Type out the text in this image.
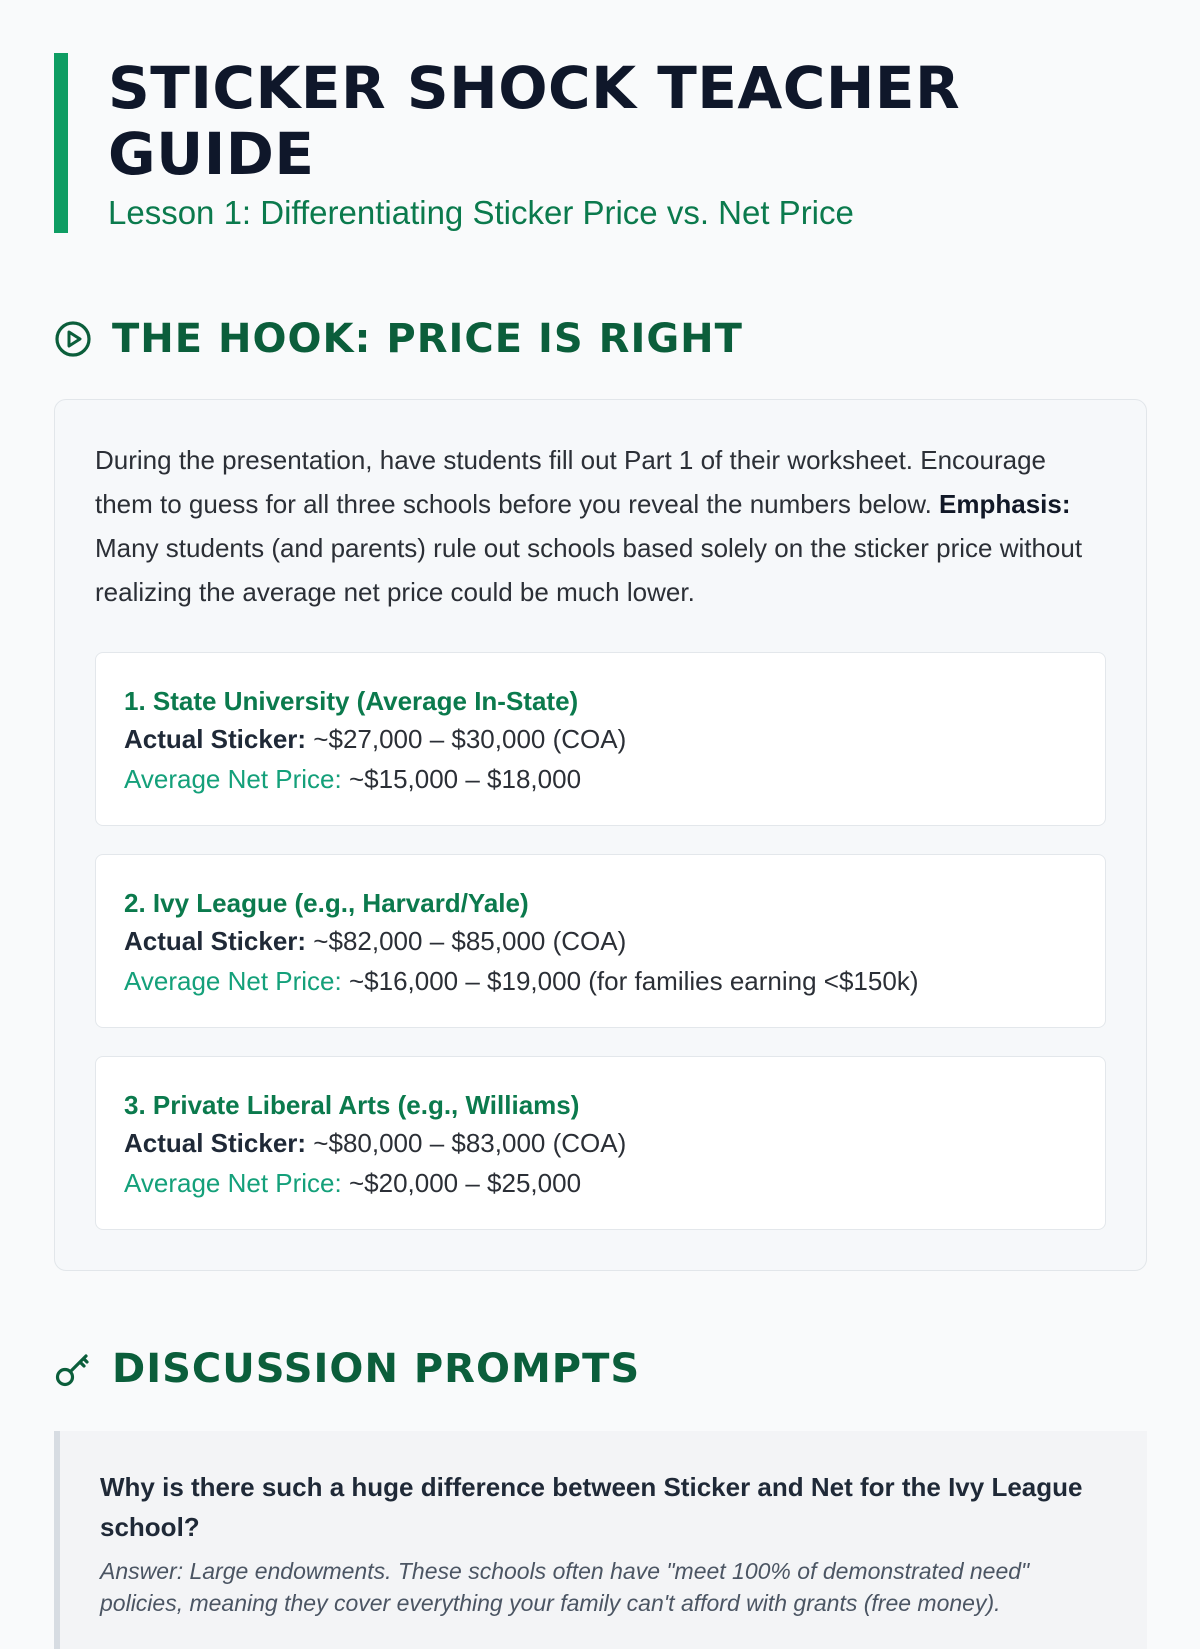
STICKER SHOCK TEACHER GUIDE
Lesson 1: Differentiating Sticker Price vs. Net Price
THE HOOK: PRICE IS RIGHT

During the presentation, have students fill out Part 1 of their worksheet. Encourage them to guess for all three schools before you reveal the numbers below. Emphasis: Many students (and parents) rule out schools based solely on the sticker price without realizing the average net price could be much lower.

1. State University (Average In-State)
Actual Sticker: ~$27,000 – $30,000 (COA)
Average Net Price: ~$15,000 – $18,000
2. Ivy League (e.g., Harvard/Yale)
Actual Sticker: ~$82,000 – $85,000 (COA)
Average Net Price: ~$16,000 – $19,000 (for families earning <$150k)
3. Private Liberal Arts (e.g., Williams)
Actual Sticker: ~$80,000 – $83,000 (COA)
Average Net Price: ~$20,000 – $25,000
DISCUSSION PROMPTS
Why is there such a huge difference between Sticker and Net for the Ivy League school?
Answer: Large endowments. These schools often have "meet 100% of demonstrated need" policies, meaning they cover everything your family can't afford with grants (free money).
